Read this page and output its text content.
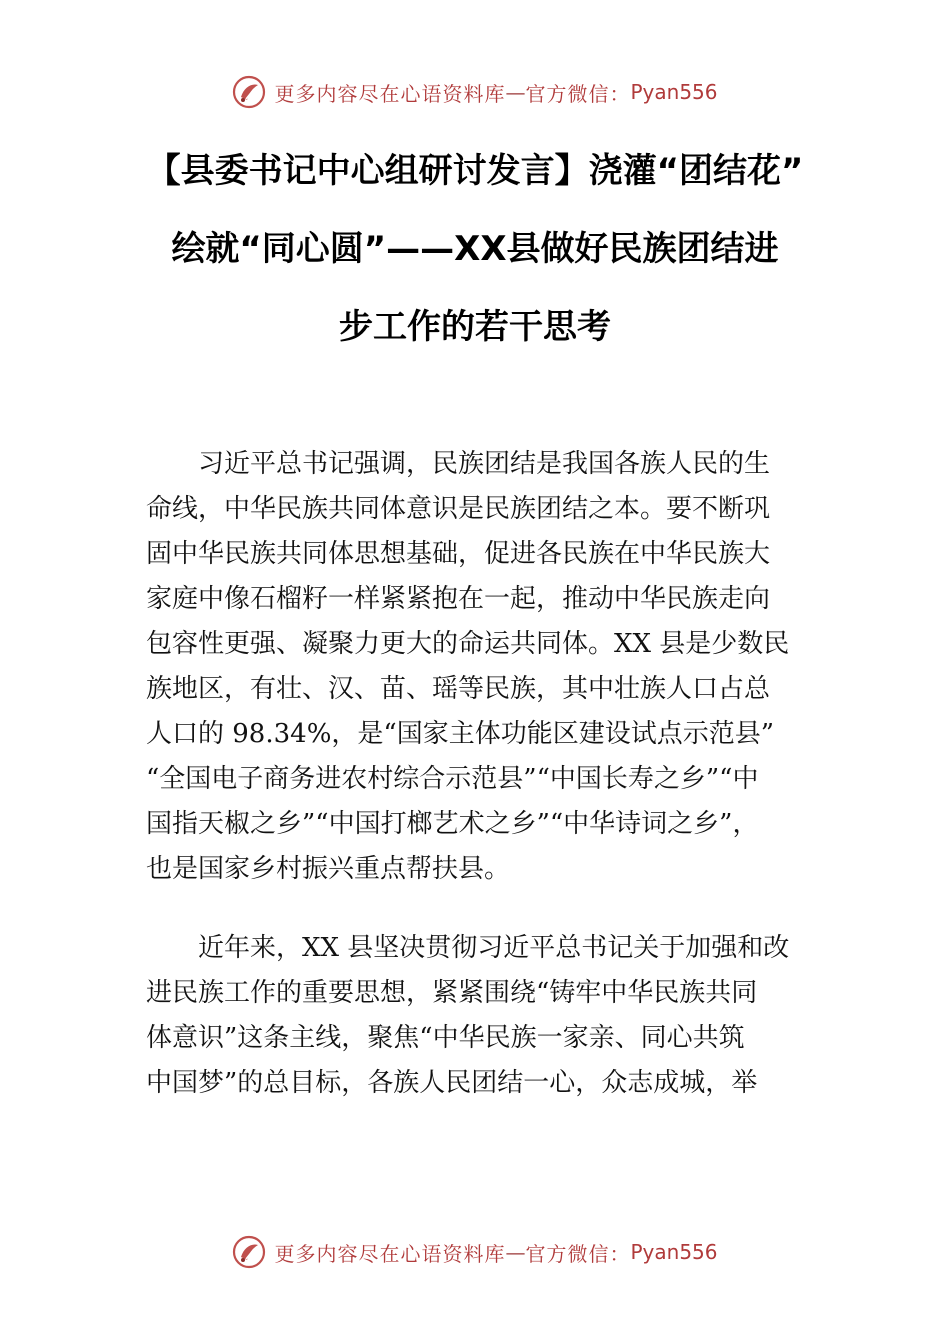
更多内容尽在心语资料库 — 官方微信： Pyan556
【县委书记中心组研讨发言】浇灌“团结花”
绘就“同心圆”——XX县做好民族团结进
步工作的若干思考
习近平总书记强调，民族团结是我国各族人民的生
命线，中华民族共同体意识是民族团结之本。要不断巩
固中华民族共同体思想基础，促进各民族在中华民族大
家庭中像石榴籽一样紧紧抱在一起，推动中华民族走向
包容性更强、凝聚力更大的命运共同体。XX 县是少数民
族地区，有壮、汉、苗、瑶等民族，其中壮族人口占总
人口的 98.34%，是“国家主体功能区建设试点示范县”
“全国电子商务进农村综合示范县”“中国长寿之乡”“中
国指天椒之乡”“中国打榔艺术之乡”“中华诗词之乡”，
也是国家乡村振兴重点帮扶县。
近年来，XX 县坚决贯彻习近平总书记关于加强和改
进民族工作的重要思想，紧紧围绕“铸牢中华民族共同
体意识”这条主线，聚焦“中华民族一家亲、同心共筑
中国梦”的总目标，各族人民团结一心，众志成城，举
更多内容尽在心语资料库 — 官方微信： Pyan556
